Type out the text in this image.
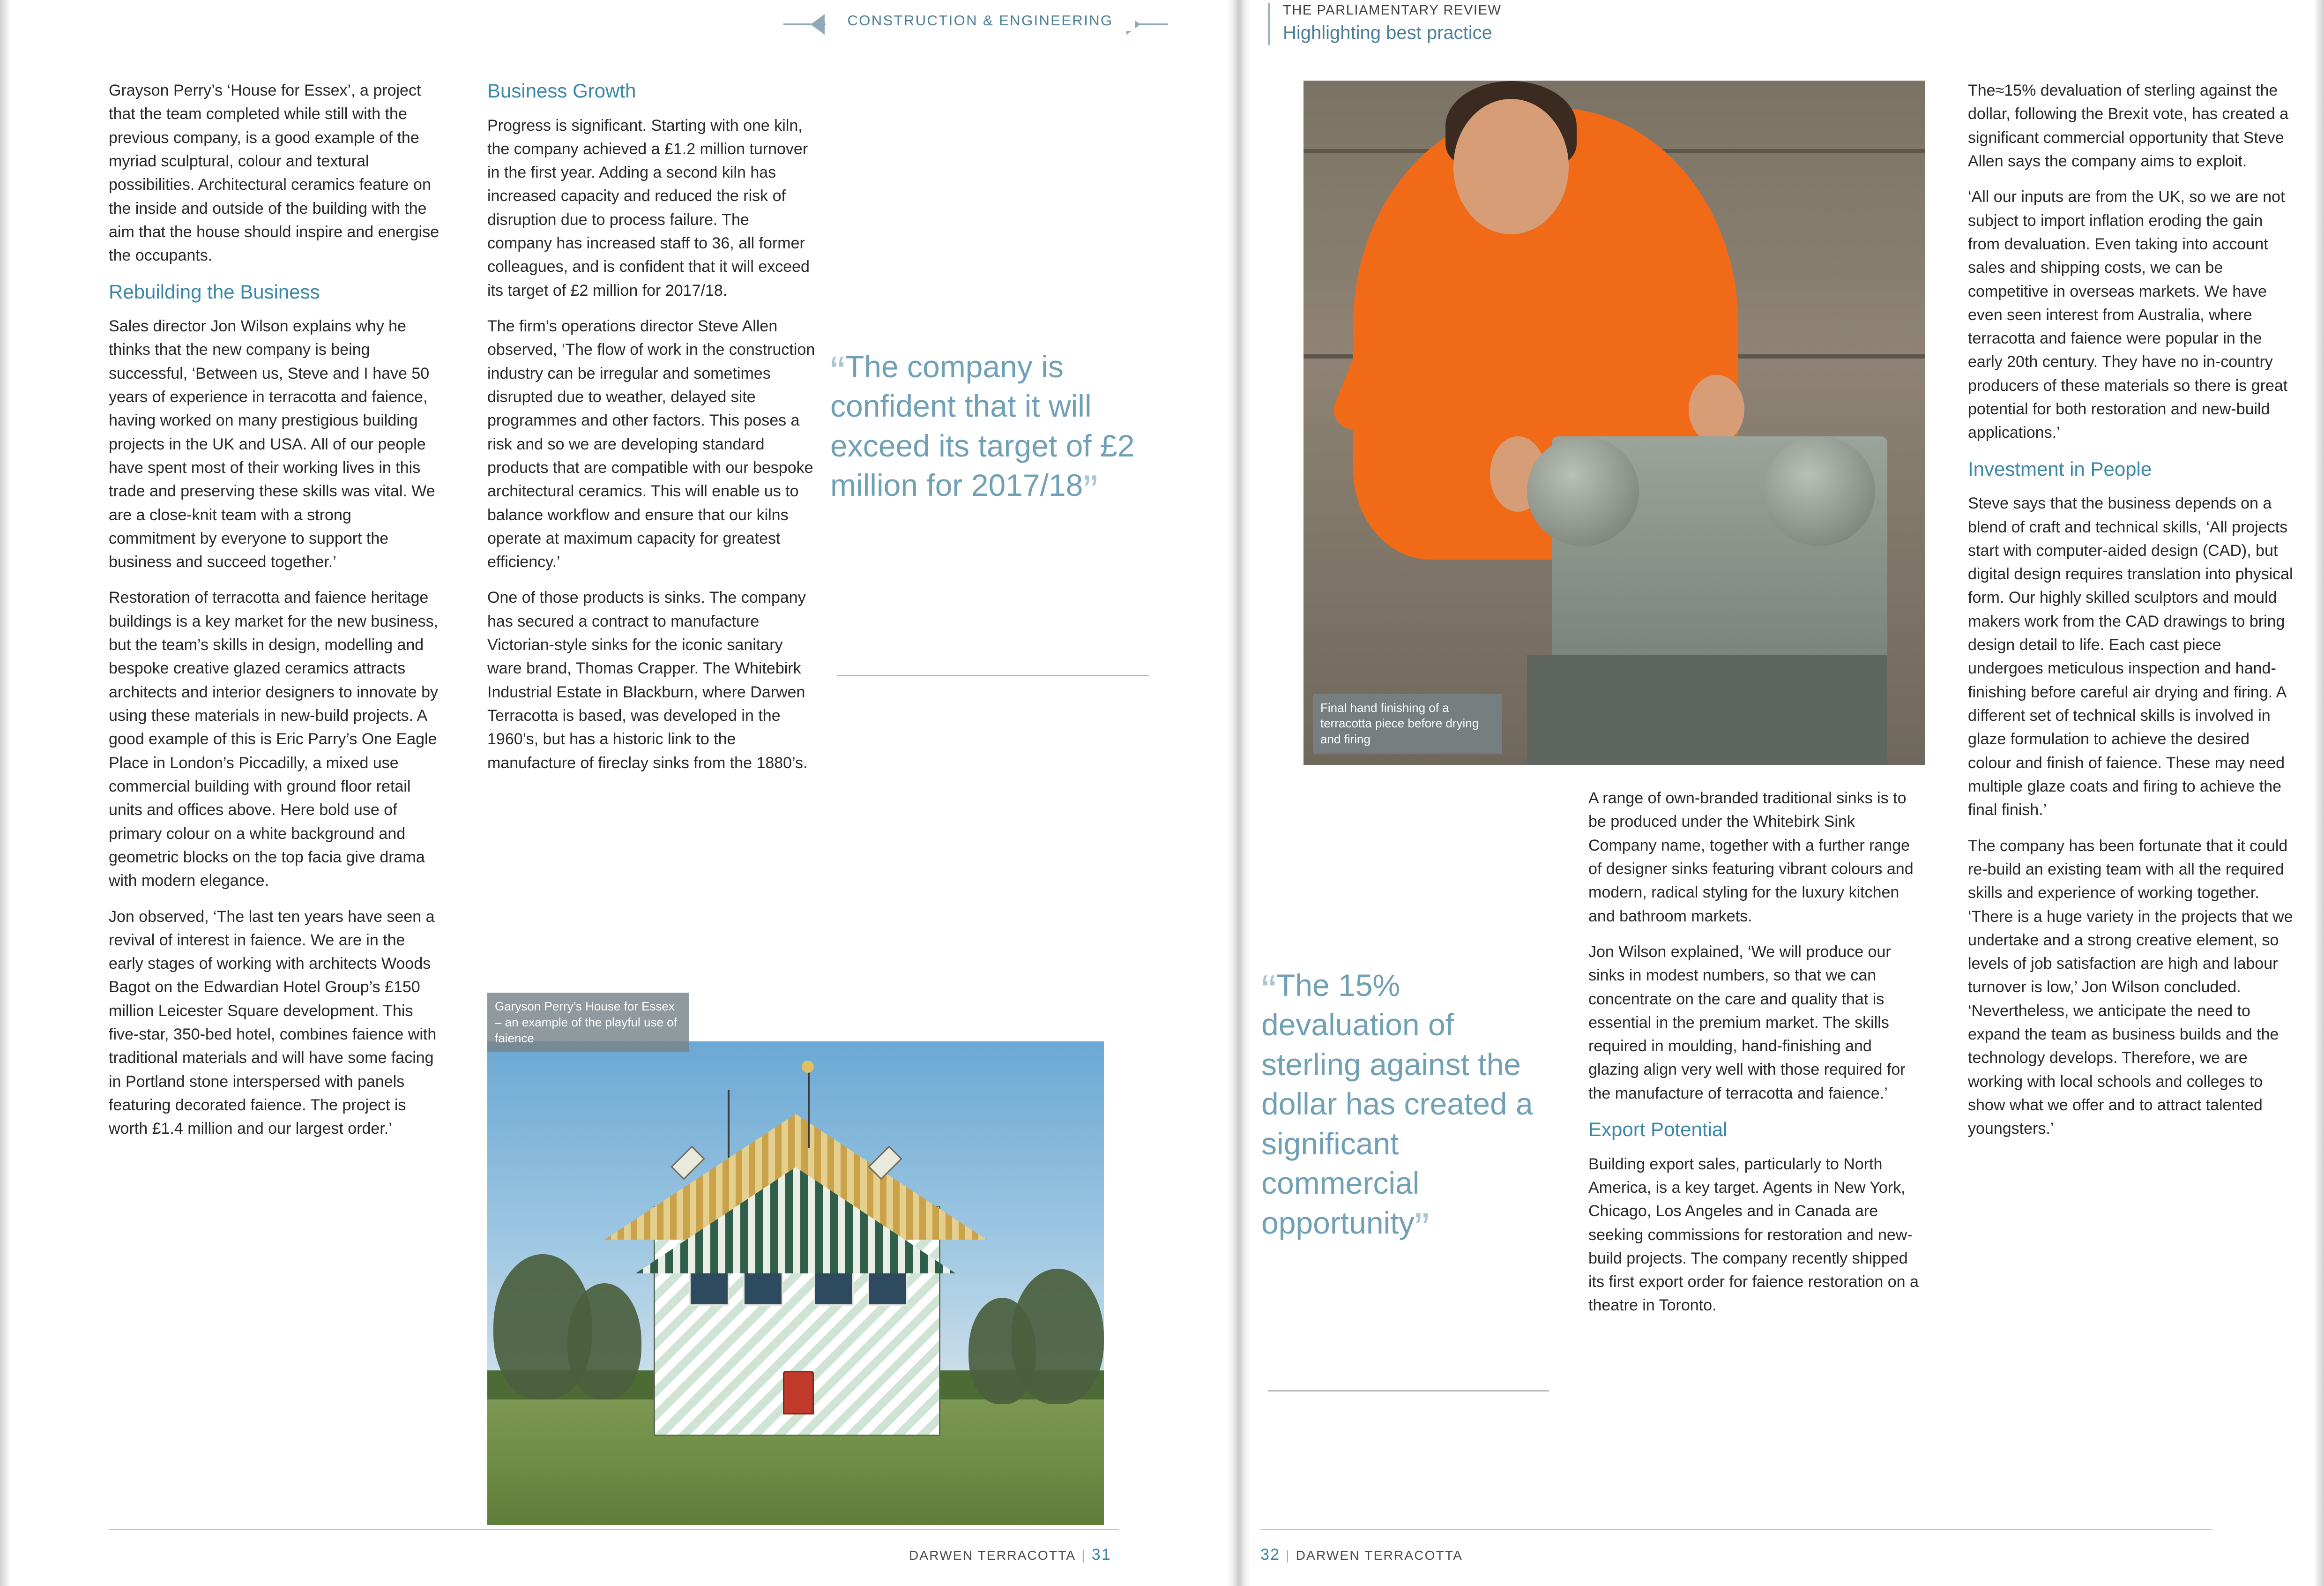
CONSTRUCTION & ENGINEERING
THE PARLIAMENTARY REVIEW
Highlighting best practice

Grayson Perry’s ‘House for Essex’, a project that the team completed while still with the previous company, is a good example of the myriad sculptural, colour and textural possibilities. Architectural ceramics feature on the inside and outside of the building with the aim that the house should inspire and energise the occupants.

Rebuilding the Business

Sales director Jon Wilson explains why he thinks that the new company is being successful, ‘Between us, Steve and I have 50 years of experience in terracotta and faience, having worked on many prestigious building projects in the UK and USA. All of our people have spent most of their working lives in this trade and preserving these skills was vital. We are a close-knit team with a strong commitment by everyone to support the business and succeed together.’

Restoration of terracotta and faience heritage buildings is a key market for the new business, but the team’s skills in design, modelling and bespoke creative glazed ceramics attracts architects and interior designers to innovate by using these materials in new-build projects. A good example of this is Eric Parry’s One Eagle Place in London’s Piccadilly, a mixed use commercial building with ground floor retail units and offices above. Here bold use of primary colour on a white background and geometric blocks on the top facia give drama with modern elegance.

Jon observed, ‘The last ten years have seen a revival of interest in faience. We are in the early stages of working with architects Woods Bagot on the Edwardian Hotel Group’s £150 million Leicester Square development. This five-star, 350-bed hotel, combines faience with traditional materials and will have some facing in Portland stone interspersed with panels featuring decorated faience. The project is worth £1.4 million and our largest order.’

Business Growth

Progress is significant. Starting with one kiln, the company achieved a £1.2 million turnover in the first year. Adding a second kiln has increased capacity and reduced the risk of disruption due to process failure. The company has increased staff to 36, all former colleagues, and is confident that it will exceed its target of £2 million for 2017/18.

The firm’s operations director Steve Allen observed, ‘The flow of work in the construction industry can be irregular and sometimes disrupted due to weather, delayed site programmes and other factors. This poses a risk and so we are developing standard products that are compatible with our bespoke architectural ceramics. This will enable us to balance workflow and ensure that our kilns operate at maximum capacity for greatest efficiency.’

One of those products is sinks. The company has secured a contract to manufacture Victorian-style sinks for the iconic sanitary ware brand, Thomas Crapper. The Whitebirk Industrial Estate in Blackburn, where Darwen Terracotta is based, was developed in the 1960’s, but has a historic link to the manufacture of fireclay sinks from the 1880’s.

“The company is confident that it will exceed its target of £2 million for 2017/18”
Garyson Perry’s House for Essex – an example of the playful use of faience
DARWEN TERRACOTTA | 31
Final hand finishing of a terracotta piece before drying and firing
“The 15% devaluation of sterling against the dollar has created a significant commercial opportunity”

A range of own-branded traditional sinks is to be produced under the Whitebirk Sink Company name, together with a further range of designer sinks featuring vibrant colours and modern, radical styling for the luxury kitchen and bathroom markets.

Jon Wilson explained, ‘We will produce our sinks in modest numbers, so that we can concentrate on the care and quality that is essential in the premium market. The skills required in moulding, hand-finishing and glazing align very well with those required for the manufacture of terracotta and faience.’

Export Potential

Building export sales, particularly to North America, is a key target. Agents in New York, Chicago, Los Angeles and in Canada are seeking commissions for restoration and new-build projects. The company recently shipped its first export order for faience restoration on a theatre in Toronto.

The≈15% devaluation of sterling against the dollar, following the Brexit vote, has created a significant commercial opportunity that Steve Allen says the company aims to exploit.

‘All our inputs are from the UK, so we are not subject to import inflation eroding the gain from devaluation. Even taking into account sales and shipping costs, we can be competitive in overseas markets. We have even seen interest from Australia, where terracotta and faience were popular in the early 20th century. They have no in-country producers of these materials so there is great potential for both restoration and new-build applications.’

Investment in People

Steve says that the business depends on a blend of craft and technical skills, ‘All projects start with computer-aided design (CAD), but digital design requires translation into physical form. Our highly skilled sculptors and mould makers work from the CAD drawings to bring design detail to life. Each cast piece undergoes meticulous inspection and hand-finishing before careful air drying and firing. A different set of technical skills is involved in glaze formulation to achieve the desired colour and finish of faience. These may need multiple glaze coats and firing to achieve the final finish.’

The company has been fortunate that it could re-build an existing team with all the required skills and experience of working together. ‘There is a huge variety in the projects that we undertake and a strong creative element, so levels of job satisfaction are high and labour turnover is low,’ Jon Wilson concluded. ‘Nevertheless, we anticipate the need to expand the team as business builds and the technology develops. Therefore, we are working with local schools and colleges to show what we offer and to attract talented youngsters.’

32 | DARWEN TERRACOTTA
